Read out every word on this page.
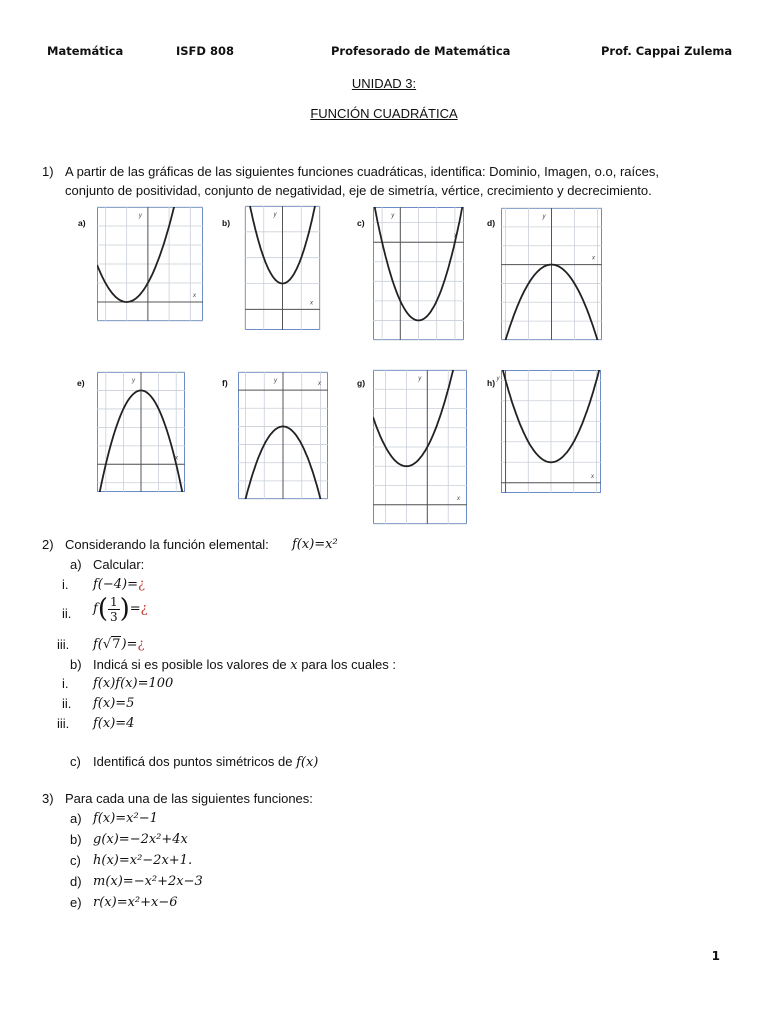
Matemática	ISFD 808	Profesorado de Matemática	Prof. Cappai Zulema
UNIDAD 3:
FUNCIÓN CUADRÁTICA
1) A partir de las gráficas de las siguientes funciones cuadráticas, identifica: Dominio, Imagen, o.o, raíces,
conjunto de positividad, conjunto de negatividad, eje de simetría, vértice, crecimiento y decrecimiento.
a)
x
y
b)
x
y
c)
x
y
d)
x
y
e)
x
y	f)	x
y	g)
x
y	h)
x
y
2) Considerando la función elemental: f(x)=x²
a) Calcular:
i. f(−4)=¿
ii. $f( \frac{1}{3}$ )=¿
iii. f(√7)=¿
b) Indicá si es posible los valores de x para los cuales :
i. f(x)f(x)=100
ii. f(x)=5
iii. f(x)=4
c) Identificá dos puntos simétricos de f(x)
3) Para cada una de las siguientes funciones:
a) f(x)=x²−1
b) g(x)=−2x²+4x
c) h(x)=x²−2x+1.
d) m(x)=−x²+2x−3
e) r(x)=x²+x−6
1
